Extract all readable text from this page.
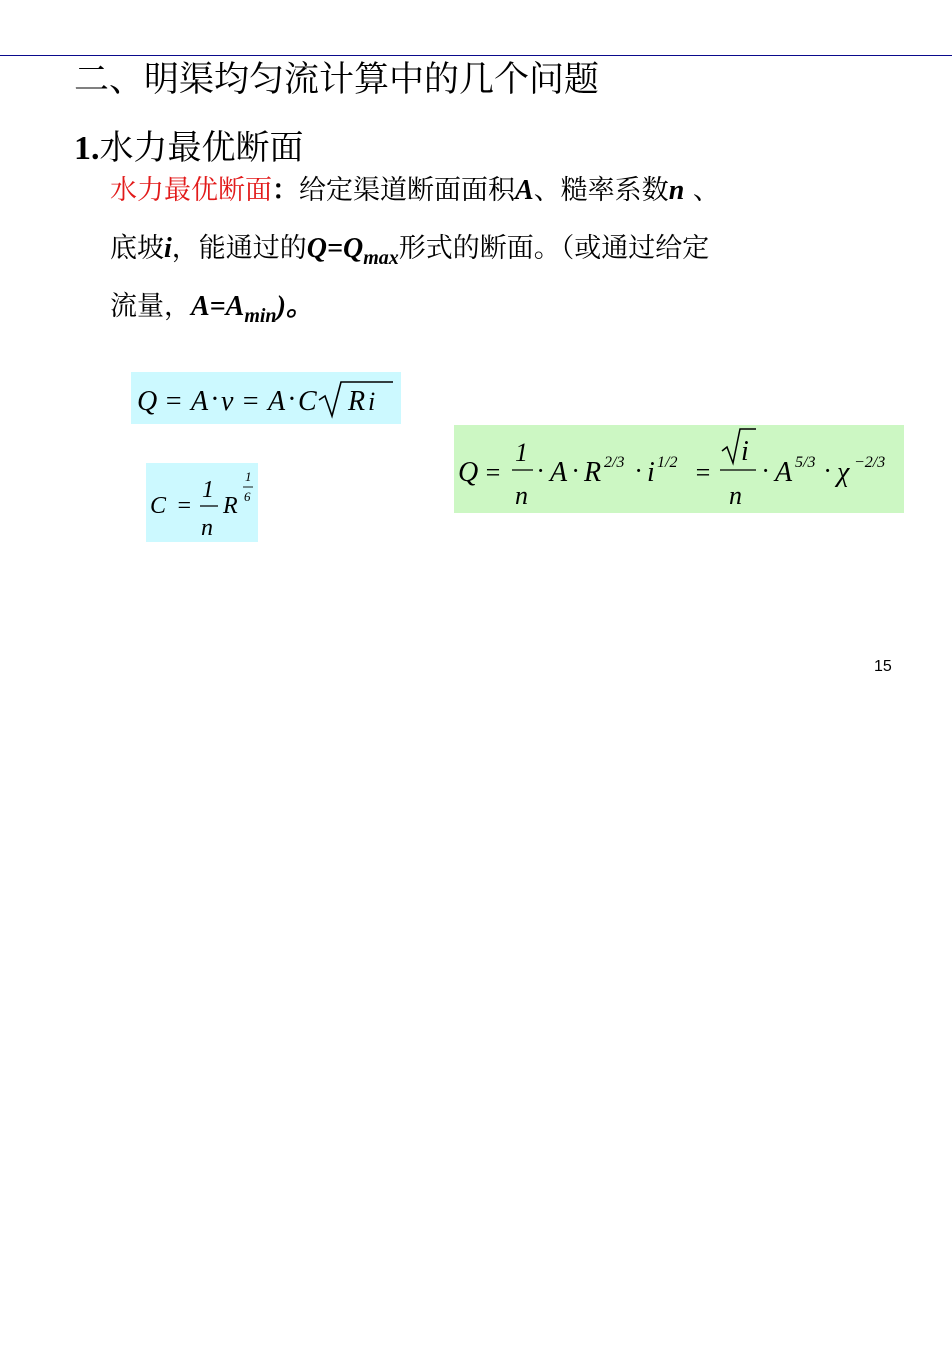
二、明渠均匀流计算中的几个问题
1.水力最优断面
水力最优断面：给定渠道断面面积A、糙率系数n 、
底坡i，能通过的$Q=Q_{max}$形式的断面。（或通过给定
流量，$A=A_{min}$)。
Q = A · v = A · C i
R
C =
1
n
R
1
6
Q =
1
n
· A · R 2/3 · i 1/2 =
i
n
· A 5/3 · χ −2/3
15
